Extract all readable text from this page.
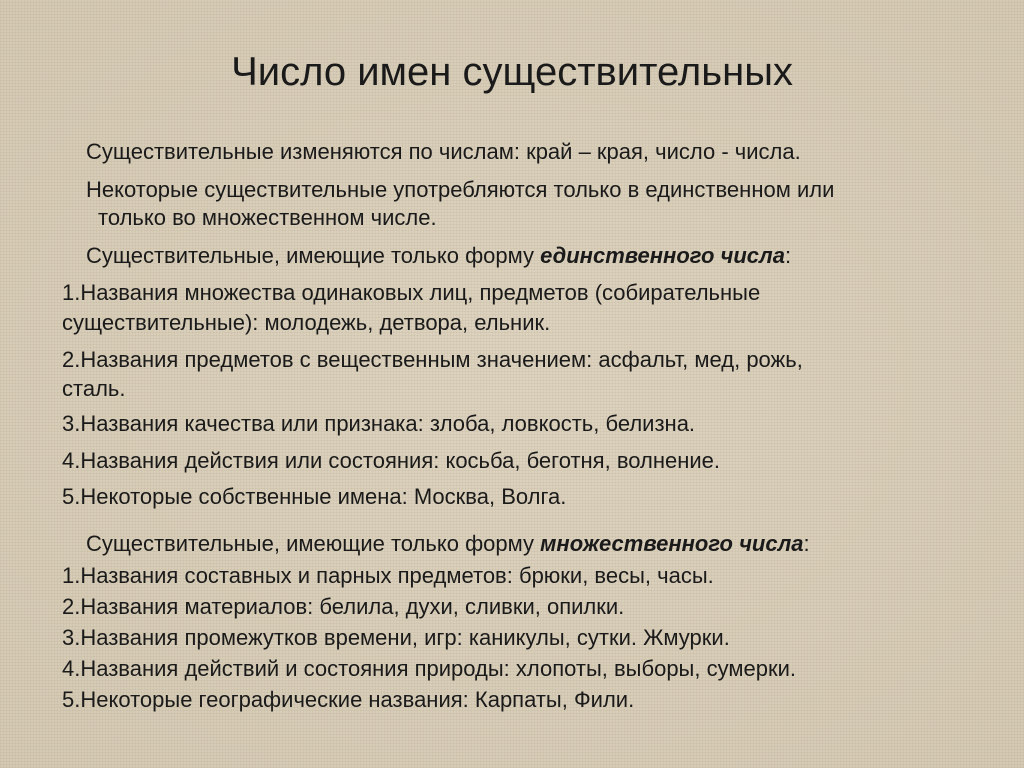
Число имен существительных
Существительные изменяются по числам: край – края, число - числа.
Некоторые существительные употребляются только в единственном или
только во множественном числе.
Существительные, имеющие только форму единственного числа:
1.Названия множества одинаковых лиц, предметов (собирательные
существительные): молодежь, детвора, ельник.
2.Названия предметов с вещественным значением: асфальт, мед, рожь,
сталь.
3.Названия качества или признака: злоба, ловкость, белизна.
4.Названия действия или состояния: косьба, беготня, волнение.
5.Некоторые собственные имена: Москва, Волга.
Существительные, имеющие только форму множественного числа:
1.Названия составных и парных предметов: брюки, весы, часы.
2.Названия материалов: белила, духи, сливки, опилки.
3.Названия промежутков времени, игр: каникулы, сутки. Жмурки.
4.Названия действий и состояния природы: хлопоты, выборы, сумерки.
5.Некоторые географические названия: Карпаты, Фили.
